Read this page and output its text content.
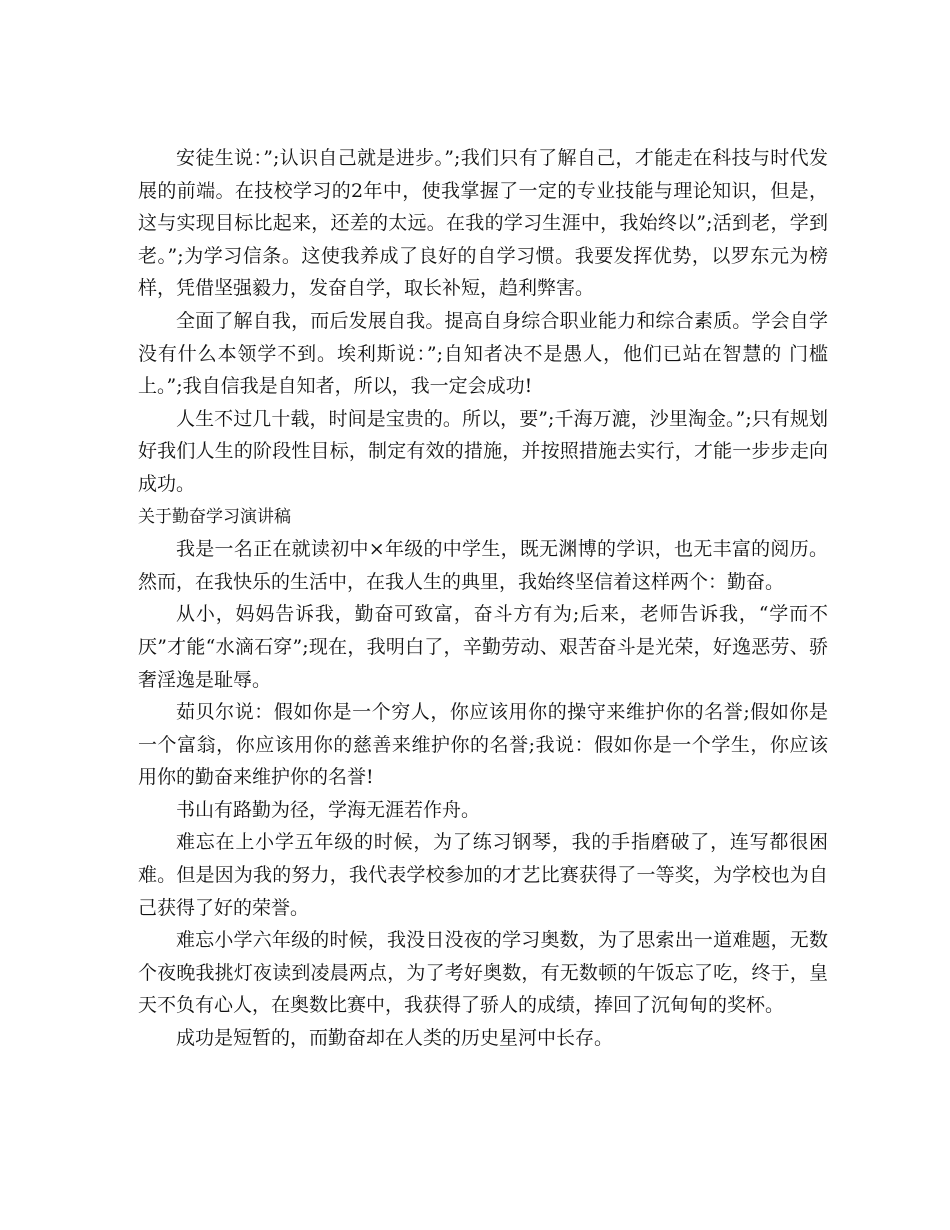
安徒生说：”;认识自己就是进步。”;我们只有了解自己，才能走在科技与时代发展的前端。在技校学习的2年中，使我掌握了一定的专业技能与理论知识，但是，这与实现目标比起来，还差的太远。在我的学习生涯中，我始终以”;活到老，学到老。”;为学习信条。这使我养成了良好的自学习惯。我要发挥优势，以罗东元为榜样，凭借坚强毅力，发奋自学，取长补短，趋利弊害。

全面了解自我，而后发展自我。提高自身综合职业能力和综合素质。学会自学没有什么本领学不到。埃利斯说：”;自知者决不是愚人，他们已站在智慧的 门槛上。”;我自信我是自知者，所以，我一定会成功!

人生不过几十载，时间是宝贵的。所以，要”;千海万漉，沙里淘金。”;只有规划好我们人生的阶段性目标，制定有效的措施，并按照措施去实行，才能一步步走向成功。

关于勤奋学习演讲稿

我是一名正在就读初中×年级的中学生，既无渊博的学识，也无丰富的阅历。然而，在我快乐的生活中，在我人生的典里，我始终坚信着这样两个：勤奋。

从小，妈妈告诉我，勤奋可致富，奋斗方有为;后来，老师告诉我，“学而不厌”才能“水滴石穿”;现在，我明白了，辛勤劳动、艰苦奋斗是光荣，好逸恶劳、骄奢淫逸是耻辱。

茹贝尔说：假如你是一个穷人，你应该用你的操守来维护你的名誉;假如你是一个富翁，你应该用你的慈善来维护你的名誉;我说：假如你是一个学生，你应该用你的勤奋来维护你的名誉!

书山有路勤为径，学海无涯若作舟。

难忘在上小学五年级的时候，为了练习钢琴，我的手指磨破了，连写都很困难。但是因为我的努力，我代表学校参加的才艺比赛获得了一等奖，为学校也为自己获得了好的荣誉。

难忘小学六年级的时候，我没日没夜的学习奥数，为了思索出一道难题，无数个夜晚我挑灯夜读到凌晨两点，为了考好奥数，有无数顿的午饭忘了吃，终于，皇天不负有心人，在奥数比赛中，我获得了骄人的成绩，捧回了沉甸甸的奖杯。

成功是短暂的，而勤奋却在人类的历史星河中长存。
